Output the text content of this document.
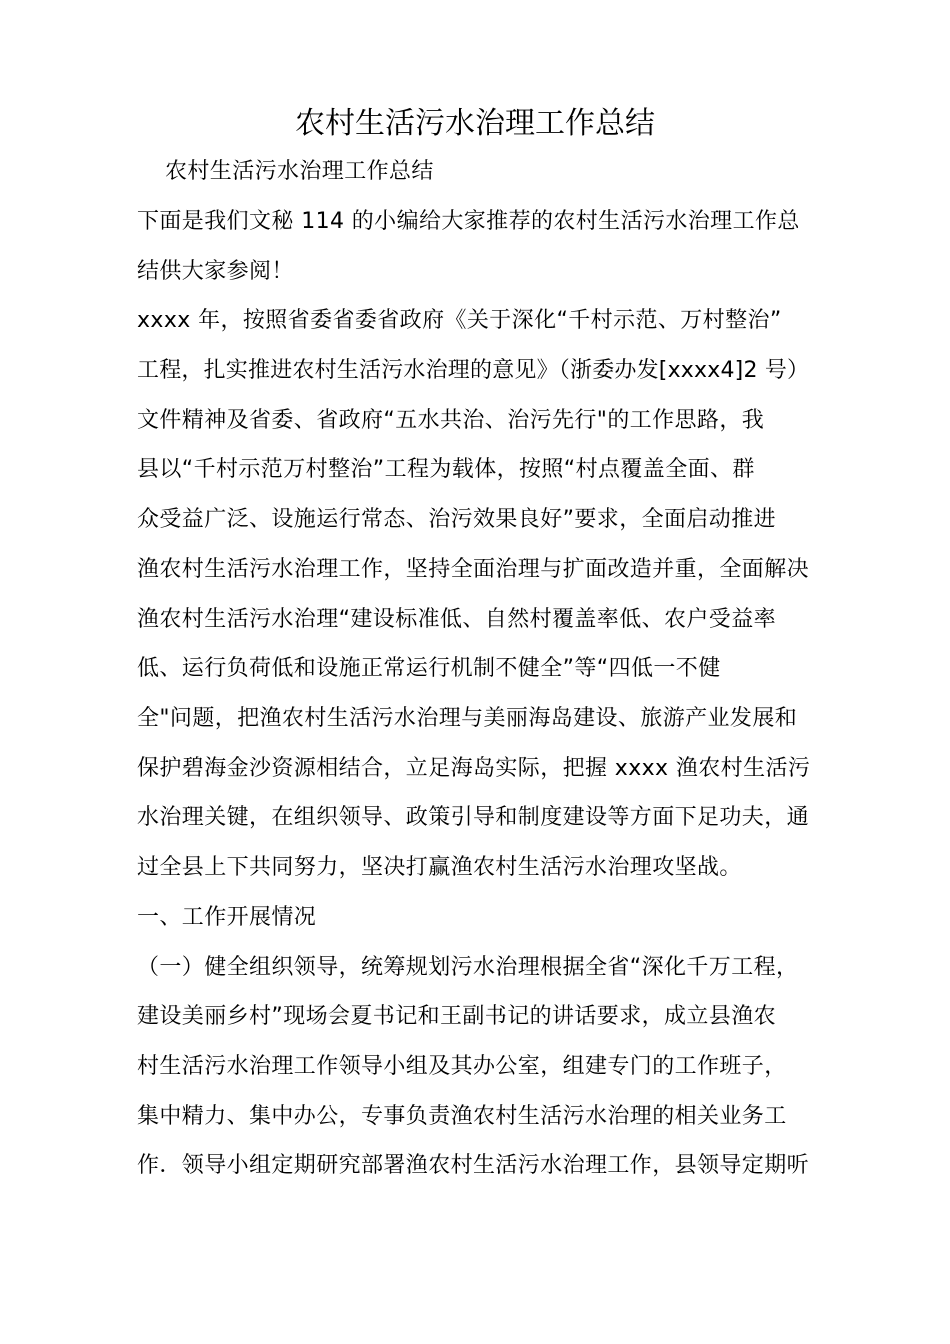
农村生活污水治理工作总结
农村生活污水治理工作总结
下面是我们文秘 114 的小编给大家推荐的农村生活污水治理工作总
结供大家参阅！
xxxx 年，按照省委省委省政府《关于深化“千村示范、万村整治”
工程，扎实推进农村生活污水治理的意见》（浙委办发[xxxx4]2 号）
文件精神及省委、省政府“五水共治、治污先行"的工作思路，我
县以“千村示范万村整治”工程为载体，按照“村点覆盖全面、群
众受益广泛、设施运行常态、治污效果良好”要求，全面启动推进
渔农村生活污水治理工作，坚持全面治理与扩面改造并重，全面解决
渔农村生活污水治理“建设标准低、自然村覆盖率低、农户受益率
低、运行负荷低和设施正常运行机制不健全”等“四低一不健
全"问题，把渔农村生活污水治理与美丽海岛建设、旅游产业发展和
保护碧海金沙资源相结合，立足海岛实际，把握 xxxx 渔农村生活污
水治理关键，在组织领导、政策引导和制度建设等方面下足功夫，通
过全县上下共同努力，坚决打赢渔农村生活污水治理攻坚战。
一、工作开展情况
（一）健全组织领导，统筹规划污水治理根据全省“深化千万工程，
建设美丽乡村”现场会夏书记和王副书记的讲话要求，成立县渔农
村生活污水治理工作领导小组及其办公室，组建专门的工作班子，
集中精力、集中办公，专事负责渔农村生活污水治理的相关业务工
作．领导小组定期研究部署渔农村生活污水治理工作，县领导定期听
